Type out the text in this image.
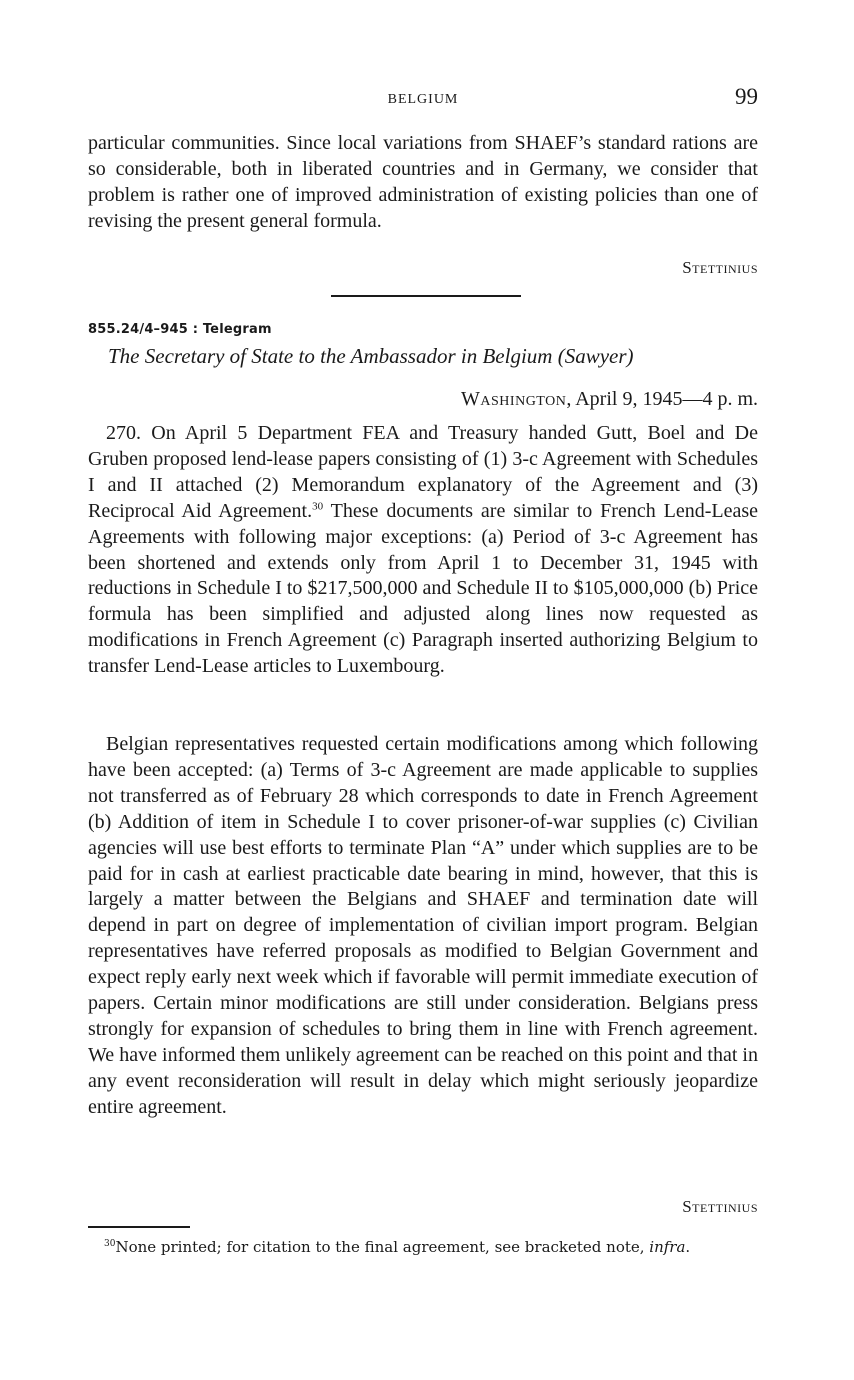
BELGIUM	99

particular communities. Since local variations from SHAEF’s standard rations are so considerable, both in liberated countries and in Germany, we consider that problem is rather one of improved administration of existing policies than one of revising the present general formula.

Stettinius
855.24/4–945 : Telegram
The Secretary of State to the Ambassador in Belgium (Sawyer)
Washington, April 9, 1945—4 p. m.

270. On April 5 Department FEA and Treasury handed Gutt, Boel and De Gruben proposed lend-lease papers consisting of (1) 3-c Agreement with Schedules I and II attached (2) Memorandum explanatory of the Agreement and (3) Reciprocal Aid Agreement.$^{30}$ These documents are similar to French Lend-Lease Agreements with following major exceptions: (a) Period of 3-c Agreement has been shortened and extends only from April 1 to December 31, 1945 with reductions in Schedule I to $217,500,000 and Schedule II to $105,000,000 (b) Price formula has been simplified and adjusted along lines now requested as modifications in French Agreement (c) Paragraph inserted authorizing Belgium to transfer Lend-Lease articles to Luxembourg.

Belgian representatives requested certain modifications among which following have been accepted: (a) Terms of 3-c Agreement are made applicable to supplies not transferred as of February 28 which corresponds to date in French Agreement (b) Addition of item in Schedule I to cover prisoner-of-war supplies (c) Civilian agencies will use best efforts to terminate Plan “A” under which supplies are to be paid for in cash at earliest practicable date bearing in mind, however, that this is largely a matter between the Belgians and SHAEF and termination date will depend in part on degree of implementation of civilian import program. Belgian representatives have referred proposals as modified to Belgian Government and expect reply early next week which if favorable will permit immediate execution of papers. Certain minor modifications are still under consideration. Belgians press strongly for expansion of schedules to bring them in line with French agreement. We have informed them unlikely agreement can be reached on this point and that in any event reconsideration will result in delay which might seriously jeopardize entire agreement.

Stettinius
$^{30}$None printed; for citation to the final agreement, see bracketed note, infra.
